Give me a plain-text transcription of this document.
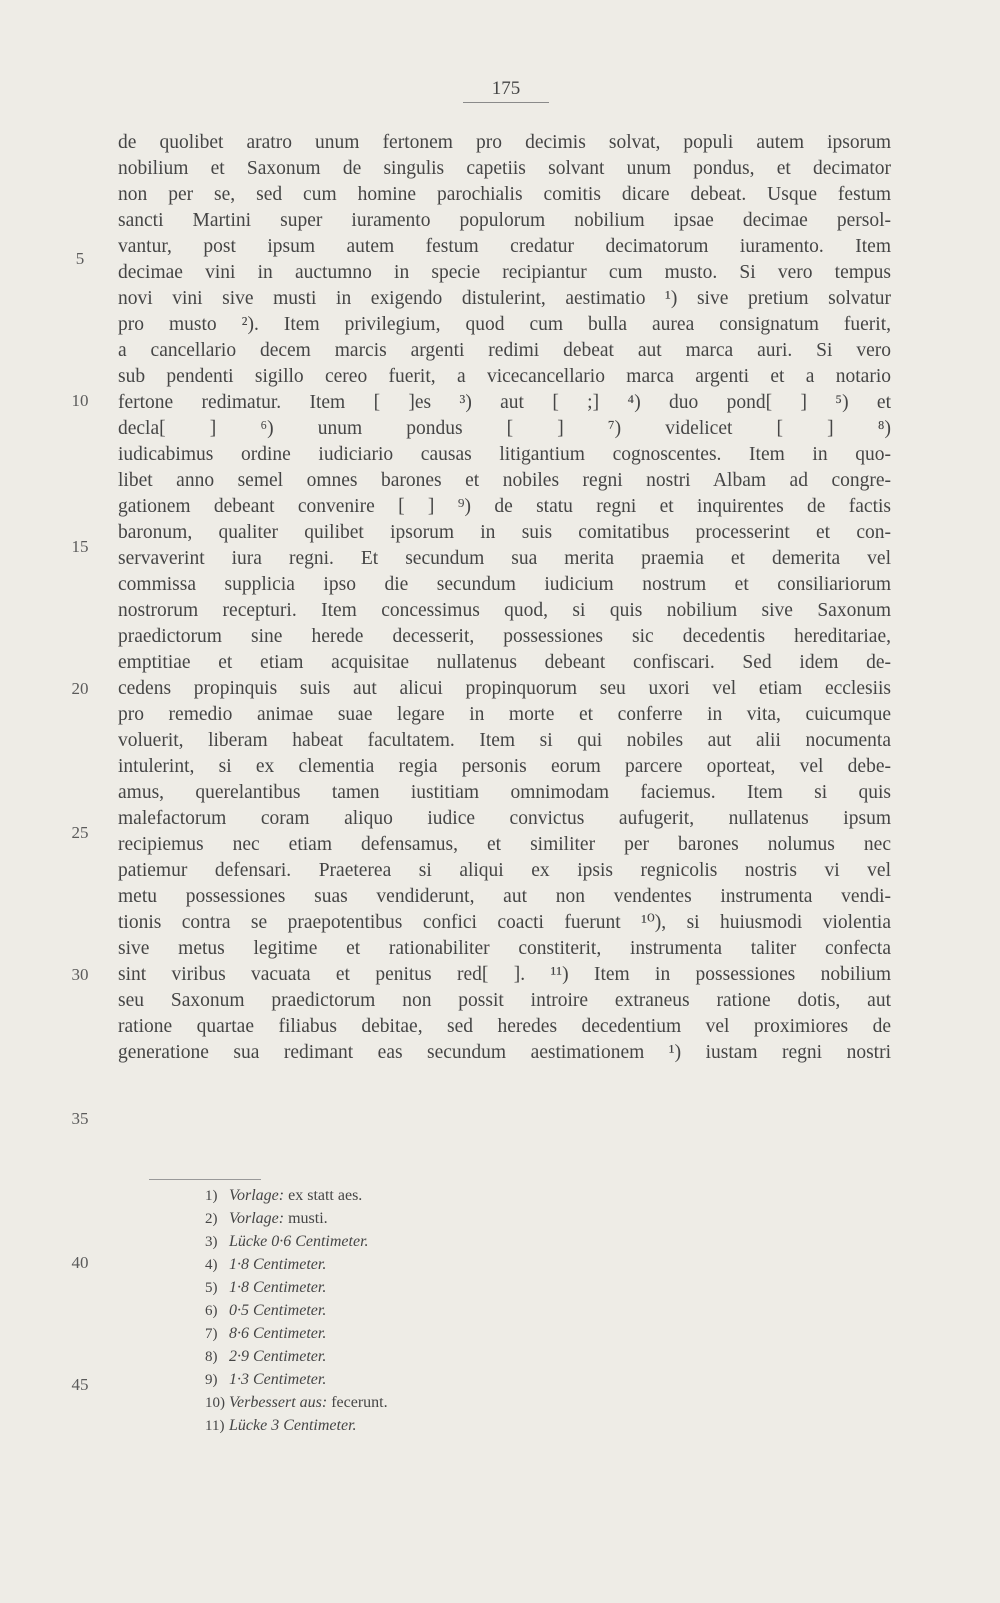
175
de quolibet aratro unum fertonem pro decimis solvat, populi autem ipsorum
nobilium et Saxonum de singulis capetiis solvant unum pondus, et decimator
non per se, sed cum homine parochialis comitis dicare debeat. Usque festum
sancti Martini super iuramento populorum nobilium ipsae decimae persol-
vantur, post ipsum autem festum credatur decimatorum iuramento. Item
decimae vini in auctumno in specie recipiantur cum musto. Si vero tempus
novi vini sive musti in exigendo distulerint, aestimatio ¹) sive pretium solvatur
pro musto ²). Item privilegium, quod cum bulla aurea consignatum fuerit,
a cancellario decem marcis argenti redimi debeat aut marca auri. Si vero
sub pendenti sigillo cereo fuerit, a vicecancellario marca argenti et a notario
fertone redimatur. Item [ ]es ³) aut [ ;] ⁴) duo pond[ ] ⁵) et
decla[ ] ⁶) unum pondus [ ] ⁷) videlicet [ ] ⁸)
iudicabimus ordine iudiciario causas litigantium cognoscentes. Item in quo-
libet anno semel omnes barones et nobiles regni nostri Albam ad congre-
gationem debeant convenire [ ] ⁹) de statu regni et inquirentes de factis
baronum, qualiter quilibet ipsorum in suis comitatibus processerint et con-
servaverint iura regni. Et secundum sua merita praemia et demerita vel
commissa supplicia ipso die secundum iudicium nostrum et consiliariorum
nostrorum recepturi. Item concessimus quod, si quis nobilium sive Saxonum
praedictorum sine herede decesserit, possessiones sic decedentis hereditariae,
emptitiae et etiam acquisitae nullatenus debeant confiscari. Sed idem de-
cedens propinquis suis aut alicui propinquorum seu uxori vel etiam ecclesiis
pro remedio animae suae legare in morte et conferre in vita, cuicumque
voluerit, liberam habeat facultatem. Item si qui nobiles aut alii nocumenta
intulerint, si ex clementia regia personis eorum parcere oporteat, vel debe-
amus, querelantibus tamen iustitiam omnimodam faciemus. Item si quis
malefactorum coram aliquo iudice convictus aufugerit, nullatenus ipsum
recipiemus nec etiam defensamus, et similiter per barones nolumus nec
patiemur defensari. Praeterea si aliqui ex ipsis regnicolis nostris vi vel
metu possessiones suas vendiderunt, aut non vendentes instrumenta vendi-
tionis contra se praepotentibus confici coacti fuerunt ¹⁰), si huiusmodi violentia
sive metus legitime et rationabiliter constiterit, instrumenta taliter confecta
sint viribus vacuata et penitus red[ ]. ¹¹) Item in possessiones nobilium
seu Saxonum praedictorum non possit introire extraneus ratione dotis, aut
ratione quartae filiabus debitae, sed heredes decedentium vel proximiores de
generatione sua redimant eas secundum aestimationem ¹) iustam regni nostri
5
10
15
20
25
30
35
40
45
1) Vorlage: ex statt aes.
2) Vorlage: musti.
3) Lücke 0·6 Centimeter.
4) 1·8 Centimeter.
5) 1·8 Centimeter.
6) 0·5 Centimeter.
7) 8·6 Centimeter.
8) 2·9 Centimeter.
9) 1·3 Centimeter.
10) Verbessert aus: fecerunt.
11) Lücke 3 Centimeter.
